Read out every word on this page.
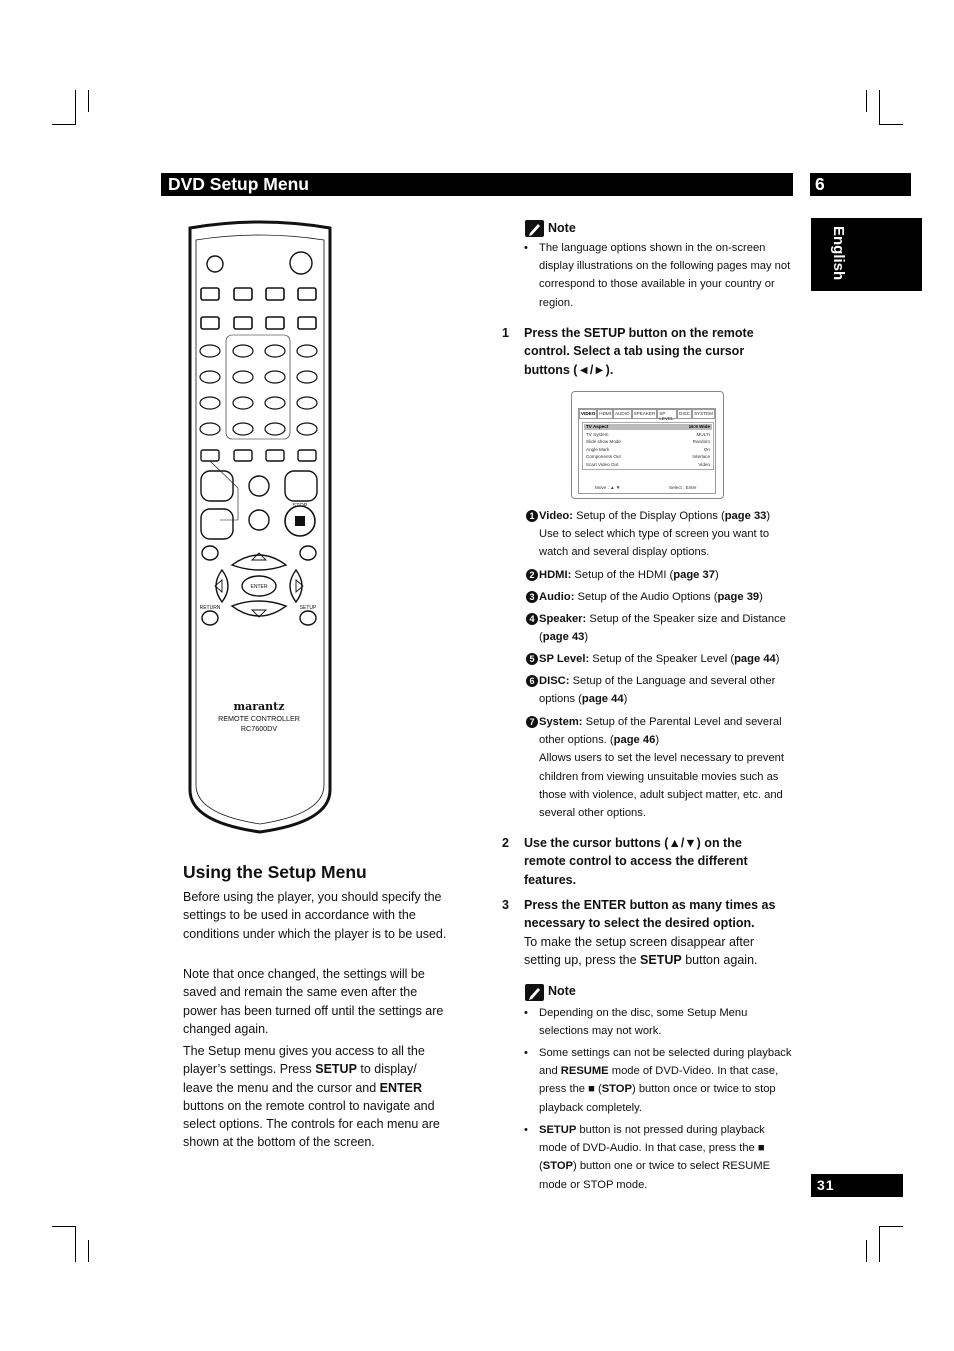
DVD Setup Menu	6
English
STOP
ENTER
RETURN	SETUP
marantz
REMOTE CONTROLLER
RC7600DV
Using the Setup Menu
Before using the player, you should specify the settings to be used in accordance with the conditions under which the player is to be used.
Note that once changed, the settings will be saved and remain the same even after the power has been turned off until the settings are changed again.
The Setup menu gives you access to all the player’s settings. Press SETUP to display/ leave the menu and the cursor and ENTER buttons on the remote control to navigate and select options. The controls for each menu are shown at the bottom of the screen.
Note
• The language options shown in the on-screen display illustrations on the following pages may not correspond to those available in your country or region.
1 Press the SETUP button on the remote control. Select a tab using the cursor buttons (◄/►).
VIDEO HDMI AUDIO SPEAKER SP LEVEL
DISC SYSTEM
TV Aspect	16:9 Wide
TV System	MULTI
Slide show Mode	Random
Angle Mark	On
Components Out	Interlace
Scart Video Out	Video
Move : ▲ ▼	Select : Enter
1 Video: Setup of the Display Options (page 33)
Use to select which type of screen you want to watch and several display options.
2 HDMI: Setup of the HDMI (page 37)
3 Audio: Setup of the Audio Options (page 39)
4 Speaker: Setup of the Speaker size and Distance (page 43)
5 SP Level: Setup of the Speaker Level (page 44)
6 DISC: Setup of the Language and several other options (page 44)
7 System: Setup of the Parental Level and several other options. (page 46)
Allows users to set the level necessary to prevent children from viewing unsuitable movies such as those with violence, adult subject matter, etc. and several other options.
2 Use the cursor buttons (▲/▼) on the remote control to access the different features.
3 Press the ENTER button as many times as necessary to select the desired option.
To make the setup screen disappear after setting up, press the SETUP button again.
Note
• Depending on the disc, some Setup Menu selections may not work.
• Some settings can not be selected during playback and RESUME mode of DVD-Video. In that case, press the ■ (STOP) button once or twice to stop playback completely.
• SETUP button is not pressed during playback mode of DVD-Audio. In that case, press the ■ (STOP) button one or twice to select RESUME mode or STOP mode.	31
